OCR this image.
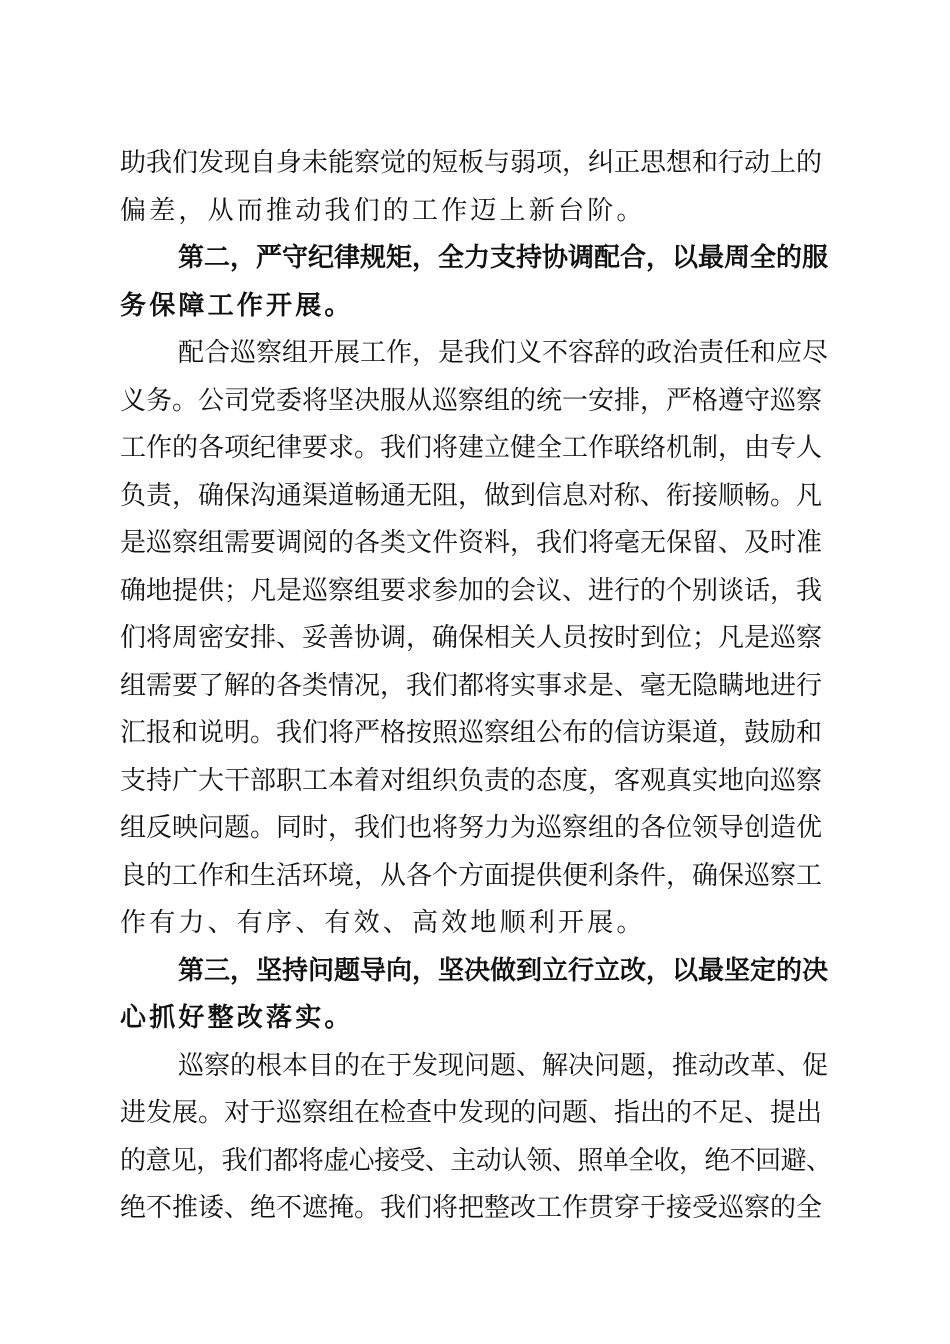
助我们发现自身未能察觉的短板与弱项，纠正思想和行动上的
偏差，从而推动我们的工作迈上新台阶。
第二，严守纪律规矩，全力支持协调配合，以最周全的服
务保障工作开展。
配合巡察组开展工作，是我们义不容辞的政治责任和应尽
义务。公司党委将坚决服从巡察组的统一安排，严格遵守巡察
工作的各项纪律要求。我们将建立健全工作联络机制，由专人
负责，确保沟通渠道畅通无阻，做到信息对称、衔接顺畅。凡
是巡察组需要调阅的各类文件资料，我们将毫无保留、及时准
确地提供；凡是巡察组要求参加的会议、进行的个别谈话，我
们将周密安排、妥善协调，确保相关人员按时到位；凡是巡察
组需要了解的各类情况，我们都将实事求是、毫无隐瞒地进行
汇报和说明。我们将严格按照巡察组公布的信访渠道，鼓励和
支持广大干部职工本着对组织负责的态度，客观真实地向巡察
组反映问题。同时，我们也将努力为巡察组的各位领导创造优
良的工作和生活环境，从各个方面提供便利条件，确保巡察工
作有力、有序、有效、高效地顺利开展。
第三，坚持问题导向，坚决做到立行立改，以最坚定的决
心抓好整改落实。
巡察的根本目的在于发现问题、解决问题，推动改革、促
进发展。对于巡察组在检查中发现的问题、指出的不足、提出
的意见，我们都将虚心接受、主动认领、照单全收，绝不回避、
绝不推诿、绝不遮掩。我们将把整改工作贯穿于接受巡察的全
